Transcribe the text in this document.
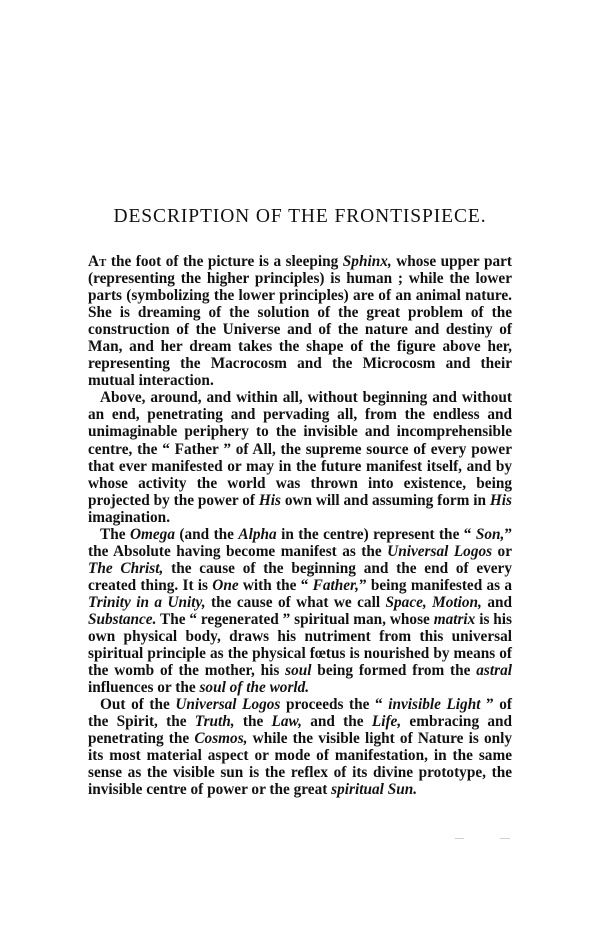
DESCRIPTION OF THE FRONTISPIECE.

At the foot of the picture is a sleeping Sphinx, whose upper part (representing the higher principles) is human ; while the lower parts (symbolizing the lower principles) are of an animal nature. She is dreaming of the solution of the great problem of the construction of the Universe and of the nature and destiny of Man, and her dream takes the shape of the figure above her, representing the Macrocosm and the Microcosm and their mutual interaction.

Above, around, and within all, without beginning and without an end, penetrating and pervading all, from the endless and unimaginable periphery to the invisible and incomprehensible centre, the “ Father ” of All, the supreme source of every power that ever manifested or may in the future manifest itself, and by whose activity the world was thrown into existence, being projected by the power of His own will and assuming form in His imagination.

The Omega (and the Alpha in the centre) represent the “ Son,” the Absolute having become manifest as the Universal Logos or The Christ, the cause of the beginning and the end of every created thing. It is One with the “ Father,” being manifested as a Trinity in a Unity, the cause of what we call Space, Motion, and Substance. The “ regenerated ” spiritual man, whose matrix is his own physical body, draws his nutriment from this universal spiritual principle as the physical fœtus is nourished by means of the womb of the mother, his soul being formed from the astral influences or the soul of the world.

Out of the Universal Logos proceeds the “ invisible Light ” of the Spirit, the Truth, the Law, and the Life, embracing and penetrating the Cosmos, while the visible light of Nature is only its most material aspect or mode of manifestation, in the same sense as the visible sun is the reflex of its divine prototype, the invisible centre of power or the great spiritual Sun.
